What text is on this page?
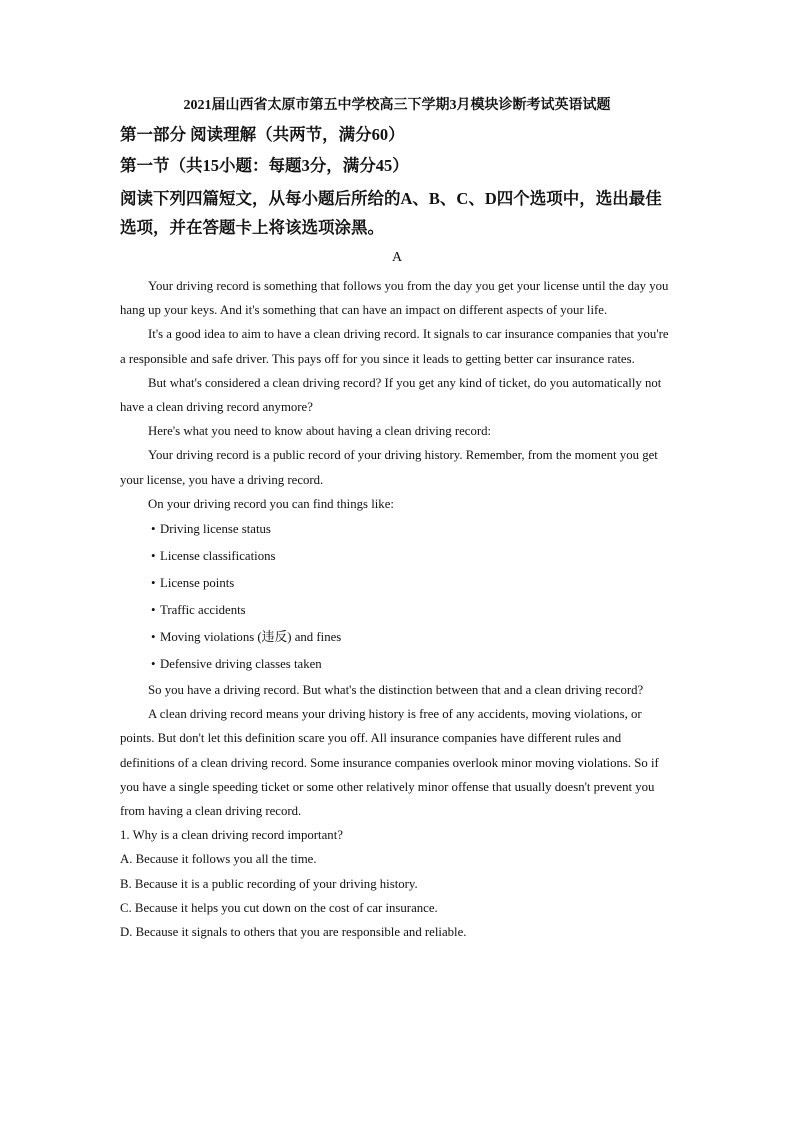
2021届山西省太原市第五中学校高三下学期3月模块诊断考试英语试题
第一部分 阅读理解（共两节，满分60）
第一节（共15小题：每题3分，满分45）

阅读下列四篇短文，从每小题后所给的A、B、C、D四个选项中，选出最佳选项，并在答题卡上将该选项涂黑。

A

Your driving record is something that follows you from the day you get your license until the day you hang up your keys. And it's something that can have an impact on different aspects of your life.

It's a good idea to aim to have a clean driving record. It signals to car insurance companies that you're a responsible and safe driver. This pays off for you since it leads to getting better car insurance rates.

But what's considered a clean driving record? If you get any kind of ticket, do you automatically not have a clean driving record anymore?

Here's what you need to know about having a clean driving record:

Your driving record is a public record of your driving history. Remember, from the moment you get your license, you have a driving record.

On your driving record you can find things like:

• Driving license status
• License classifications
• License points
• Traffic accidents
• Moving violations (违反) and fines
• Defensive driving classes taken

So you have a driving record. But what's the distinction between that and a clean driving record?

A clean driving record means your driving history is free of any accidents, moving violations, or points. But don't let this definition scare you off. All insurance companies have different rules and definitions of a clean driving record. Some insurance companies overlook minor moving violations. So if you have a single speeding ticket or some other relatively minor offense that usually doesn't prevent you from having a clean driving record.

1. Why is a clean driving record important?

A. Because it follows you all the time.

B. Because it is a public recording of your driving history.

C. Because it helps you cut down on the cost of car insurance.

D. Because it signals to others that you are responsible and reliable.
